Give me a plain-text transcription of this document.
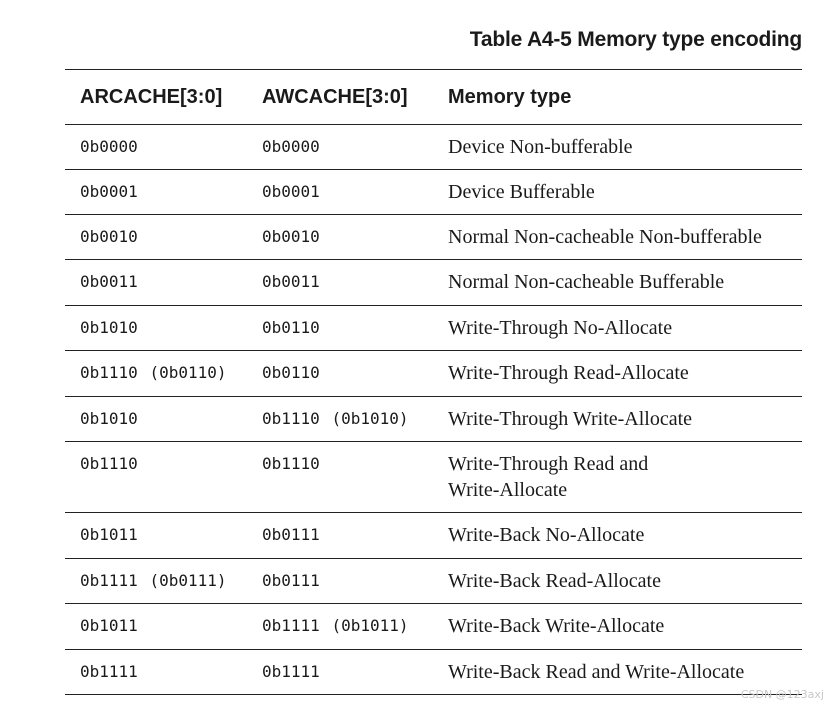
Table A4-5 Memory type encoding
ARCACHE[3:0]	AWCACHE[3:0]	Memory type
0b0000	0b0000	Device Non-bufferable
0b0001	0b0001	Device Bufferable
0b0010	0b0010	Normal Non-cacheable Non-bufferable
0b0011	0b0011	Normal Non-cacheable Bufferable
0b1010	0b0110	Write-Through No-Allocate
0b1110 (0b0110)	0b0110	Write-Through Read-Allocate
0b1010	0b1110 (0b1010)	Write-Through Write-Allocate
0b1110	0b1110	Write-Through Read and Write-Allocate
0b1011	0b0111	Write-Back No-Allocate
0b1111 (0b0111)	0b0111	Write-Back Read-Allocate
0b1011	0b1111 (0b1011)	Write-Back Write-Allocate
0b1111	0b1111	Write-Back Read and Write-Allocate
CSDN @123axj
